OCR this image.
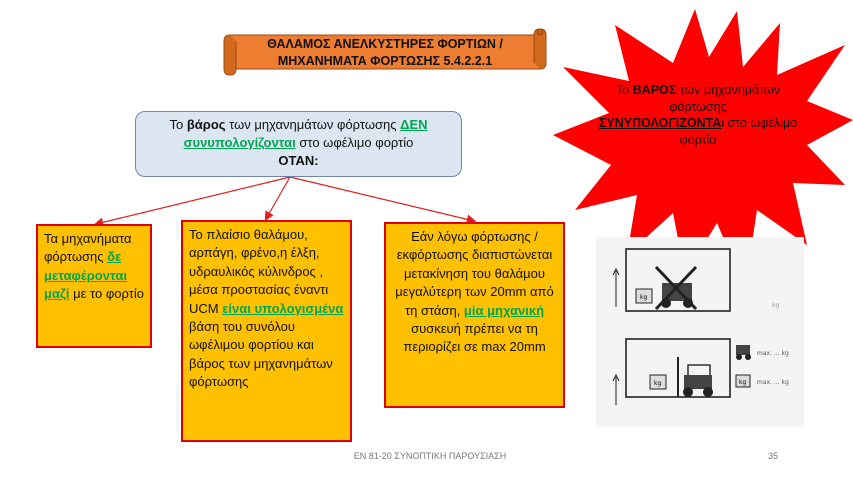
ΘΑΛΑΜΟΣ ΑΝΕΛΚΥΣΤΗΡΕΣ ΦΟΡΤΙΩΝ /
ΜΗΧΑΝΗΜΑΤΑ ΦΟΡΤΩΣΗΣ 5.4.2.2.1
Το βάρος των μηχανημάτων φόρτωσης ΔΕΝ
συνυπολογίζονται στο ωφέλιμο φορτίο
ΟΤΑΝ:
Τα μηχανήματα φόρτωσης δε μεταφέρονται μαζί με το φορτίο
Το πλαίσιο θαλάμου, αρπάγη, φρένο,η έλξη, υδραυλικός κύλινδρος , μέσα προστασίας έναντι UCM είναι υπολογισμένα βάση του συνόλου ωφέλιμου φορτίου και βάρος των μηχανημάτων φόρτωσης
Εάν λόγω φόρτωσης /εκφόρτωσης διαπιστώνεται μετακίνηση του θαλάμου μεγαλύτερη των 20mm από τη στάση, μία μηχανική συσκευή πρέπει να τη περιορίζει σε max 20mm
Το ΒΑΡΟΣ των μηχανημάτων φόρτωσης
ΣΥΝΥΠΟΛΟΓΙΖΟΝΤΑι στο ωφέλιμο φορτίο
kg
kg
max. ... kg
kg max. ... kg
kg
ΕΝ 81-20 ΣΥΝΟΠΤΙΚΗ ΠΑΡΟΥΣΙΑΣΗ	35
